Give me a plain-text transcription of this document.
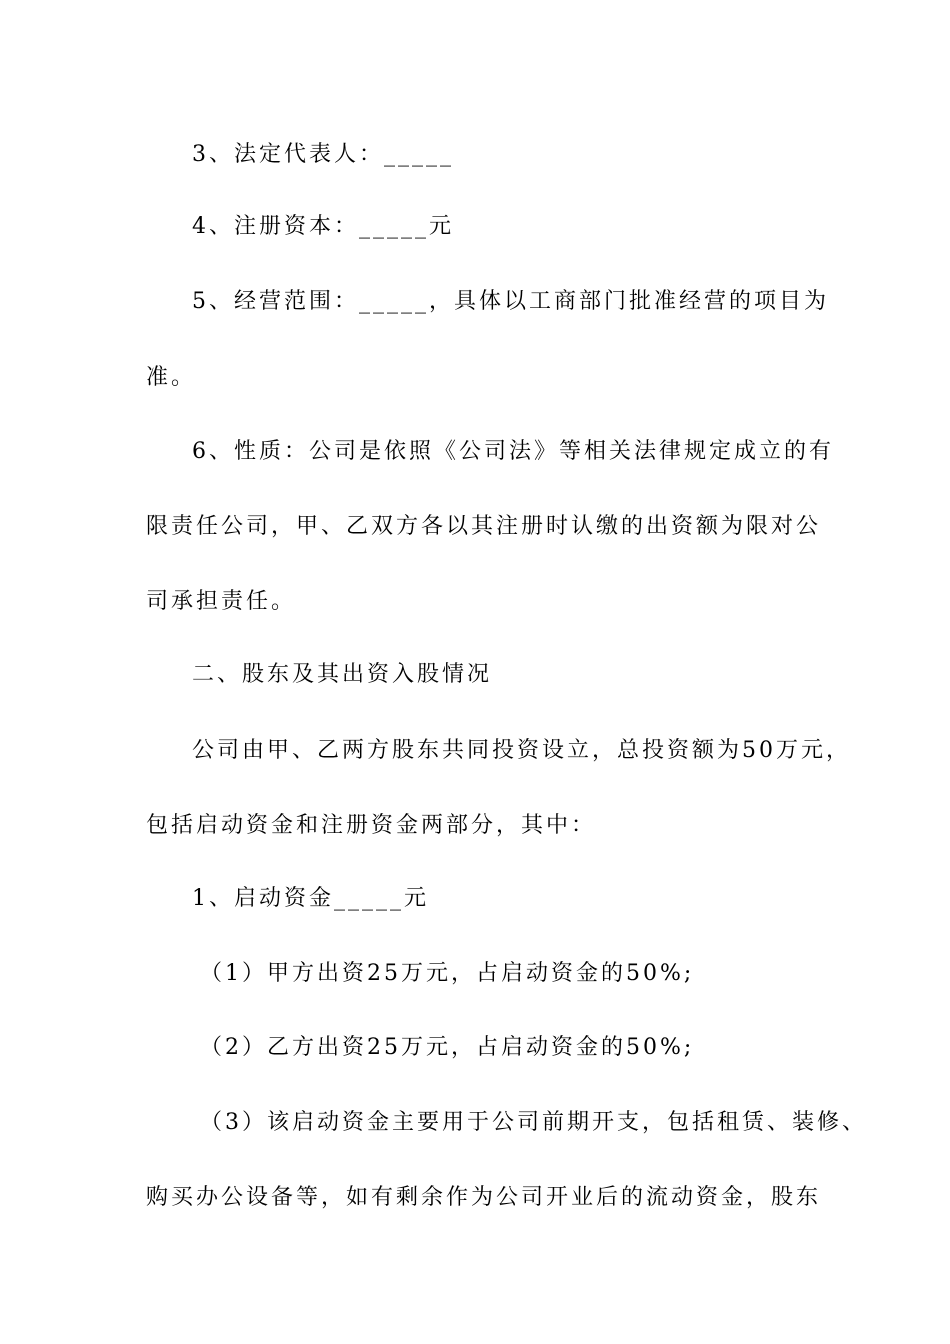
3、法定代表人：_____
4、注册资本：_____元
5、经营范围：_____，具体以工商部门批准经营的项目为
准。
6、性质：公司是依照《公司法》等相关法律规定成立的有
限责任公司，甲、乙双方各以其注册时认缴的出资额为限对公
司承担责任。
二、股东及其出资入股情况
公司由甲、乙两方股东共同投资设立，总投资额为50万元，
包括启动资金和注册资金两部分，其中：
1、启动资金_____元
（1）甲方出资25万元，占启动资金的50%;
（2）乙方出资25万元，占启动资金的50%;
（3）该启动资金主要用于公司前期开支，包括租赁、装修、
购买办公设备等，如有剩余作为公司开业后的流动资金，股东
